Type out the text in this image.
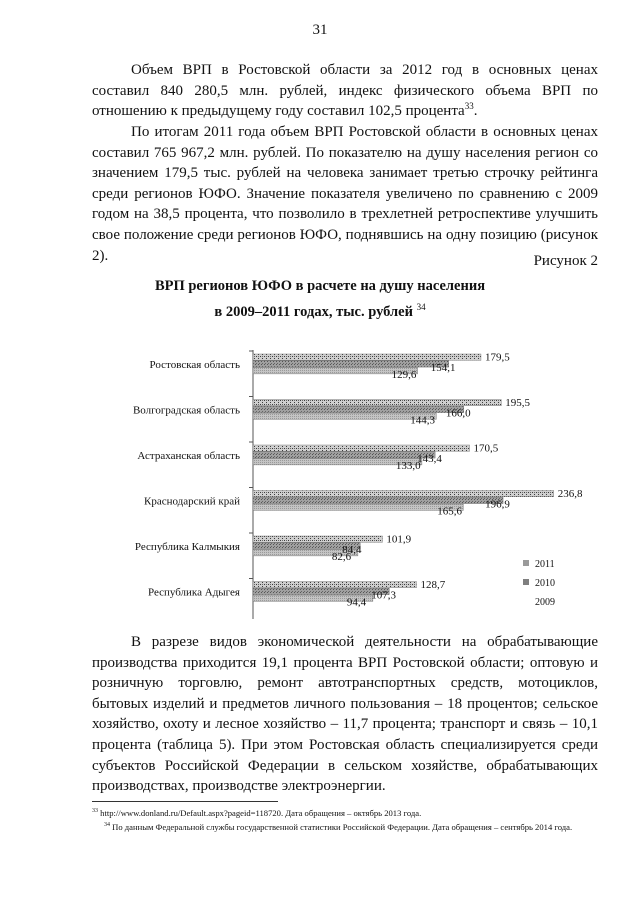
31

Объем ВРП в Ростовской области за 2012 год в основных ценах составил 840 280,5 млн. рублей, индекс физического объема ВРП по отношению к предыдущему году составил 102,5 процента$^{33}$.

По итогам 2011 года объем ВРП Ростовской области в основных ценах составил 765 967,2 млн. рублей. По показателю на душу населения регион со значением 179,5 тыс. рублей на человека занимает третью строчку рейтинга среди регионов ЮФО. Значение показателя увеличено по сравнению с 2009 годом на 38,5 процента, что позволило в трехлетней ретроспективе улучшить свое положение среди регионов ЮФО, поднявшись на одну позицию (рисунок 2).	Рисунок 2
ВРП регионов ЮФО в расчете на душу населения
в 2009–2011 годах, тыс. рублей $^{34}$
Ростовская область
179,5
154,1
129,6
Волгоградская область
195,5
166,0
144,3
Астраханская область
170,5
143,4
133,0
Краснодарский край
236,8
196,9
165,6
Республика Калмыкия
101,9
84,4
82,6
Республика Адыгея
128,7
107,3
94,4
2011
2010
2009

В разрезе видов экономической деятельности на обрабатывающие производства приходится 19,1 процента ВРП Ростовской области; оптовую и розничную торговлю, ремонт автотранспортных средств, мотоциклов, бытовых изделий и предметов личного пользования – 18 процентов; сельское хозяйство, охоту и лесное хозяйство – 11,7 процента; транспорт и связь – 10,1 процента (таблица 5). При этом Ростовская область специализируется среди субъектов Российской Федерации в сельском хозяйстве, обрабатывающих производствах, производстве электроэнергии.

$^{33}$ http://www.donland.ru/Default.aspx?pageid=118720. Дата обращения – октябрь 2013 года.

$^{34}$ По данным Федеральной службы государственной статистики Российской Федерации. Дата обращения – сентябрь 2014 года.
